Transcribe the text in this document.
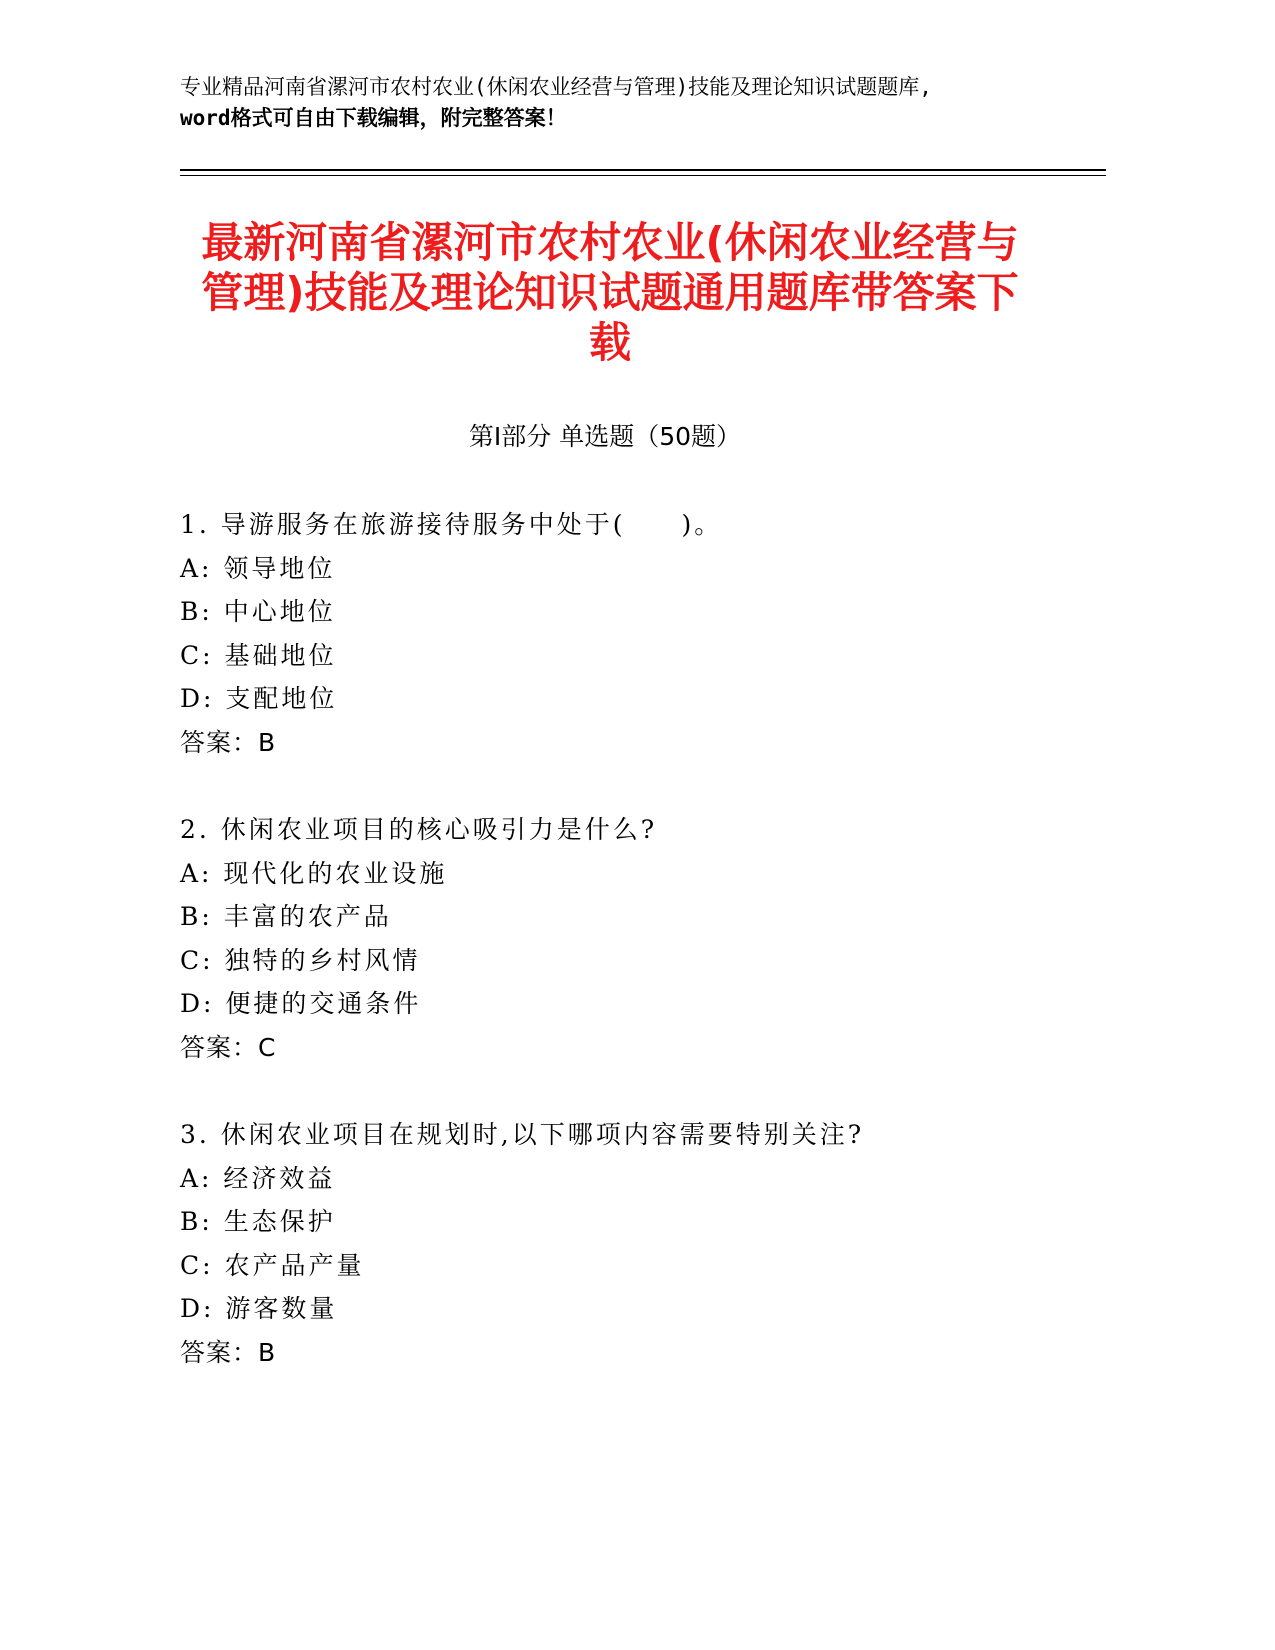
专业精品河南省漯河市农村农业(休闲农业经营与管理)技能及理论知识试题题库,
word格式可自由下载编辑，附完整答案！
最新河南省漯河市农村农业(休闲农业经营与
管理)技能及理论知识试题通用题库带答案下
载
第Ⅰ部分 单选题（50题）
1. 导游服务在旅游接待服务中处于(　　)。
A: 领导地位
B: 中心地位
C: 基础地位
D: 支配地位
答案：B
2. 休闲农业项目的核心吸引力是什么?
A: 现代化的农业设施
B: 丰富的农产品
C: 独特的乡村风情
D: 便捷的交通条件
答案：C
3. 休闲农业项目在规划时,以下哪项内容需要特别关注?
A: 经济效益
B: 生态保护
C: 农产品产量
D: 游客数量
答案：B
